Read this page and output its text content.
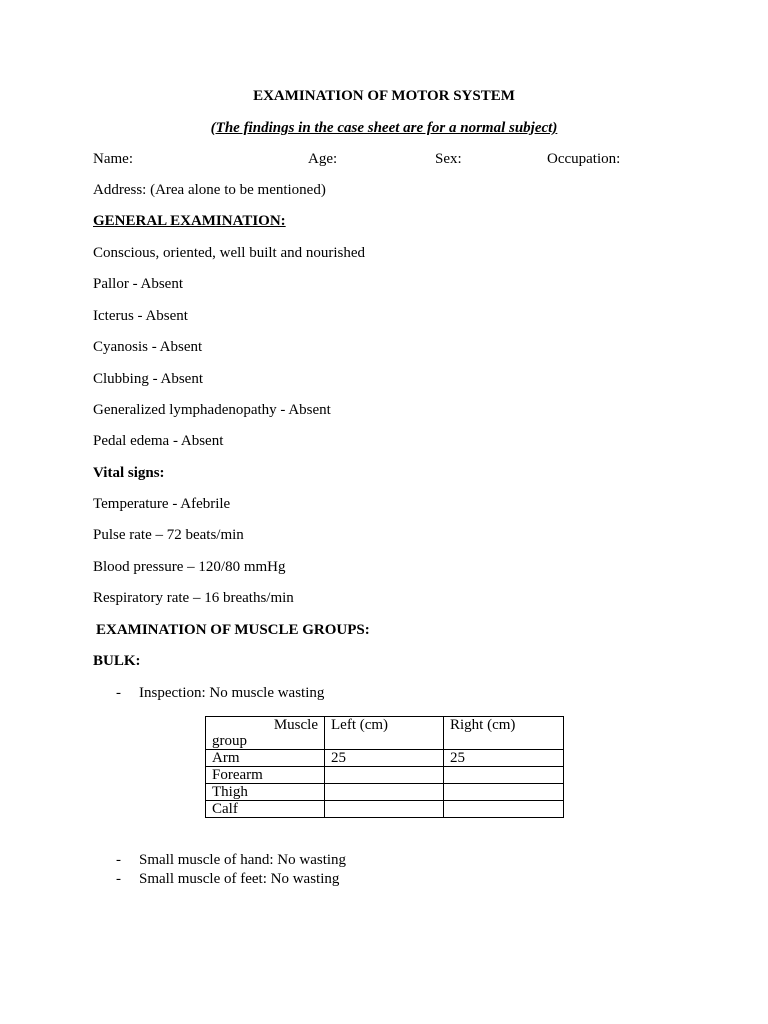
EXAMINATION OF MOTOR SYSTEM
(The findings in the case sheet are for a normal subject)
Name:	Age:	Sex:	Occupation:
Address: (Area alone to be mentioned)
GENERAL EXAMINATION:
Conscious, oriented, well built and nourished
Pallor - Absent
Icterus - Absent
Cyanosis - Absent
Clubbing - Absent
Generalized lymphadenopathy - Absent
Pedal edema - Absent
Vital signs:
Temperature - Afebrile
Pulse rate – 72 beats/min
Blood pressure – 120/80 mmHg
Respiratory rate – 16 breaths/min
EXAMINATION OF MUSCLE GROUPS:
BULK:
- Inspection: No muscle wasting
Muscle
group	Left (cm)	Right (cm)
Arm	25	25
Forearm		
Thigh		
Calf		
- Small muscle of hand: No wasting
- Small muscle of feet: No wasting
